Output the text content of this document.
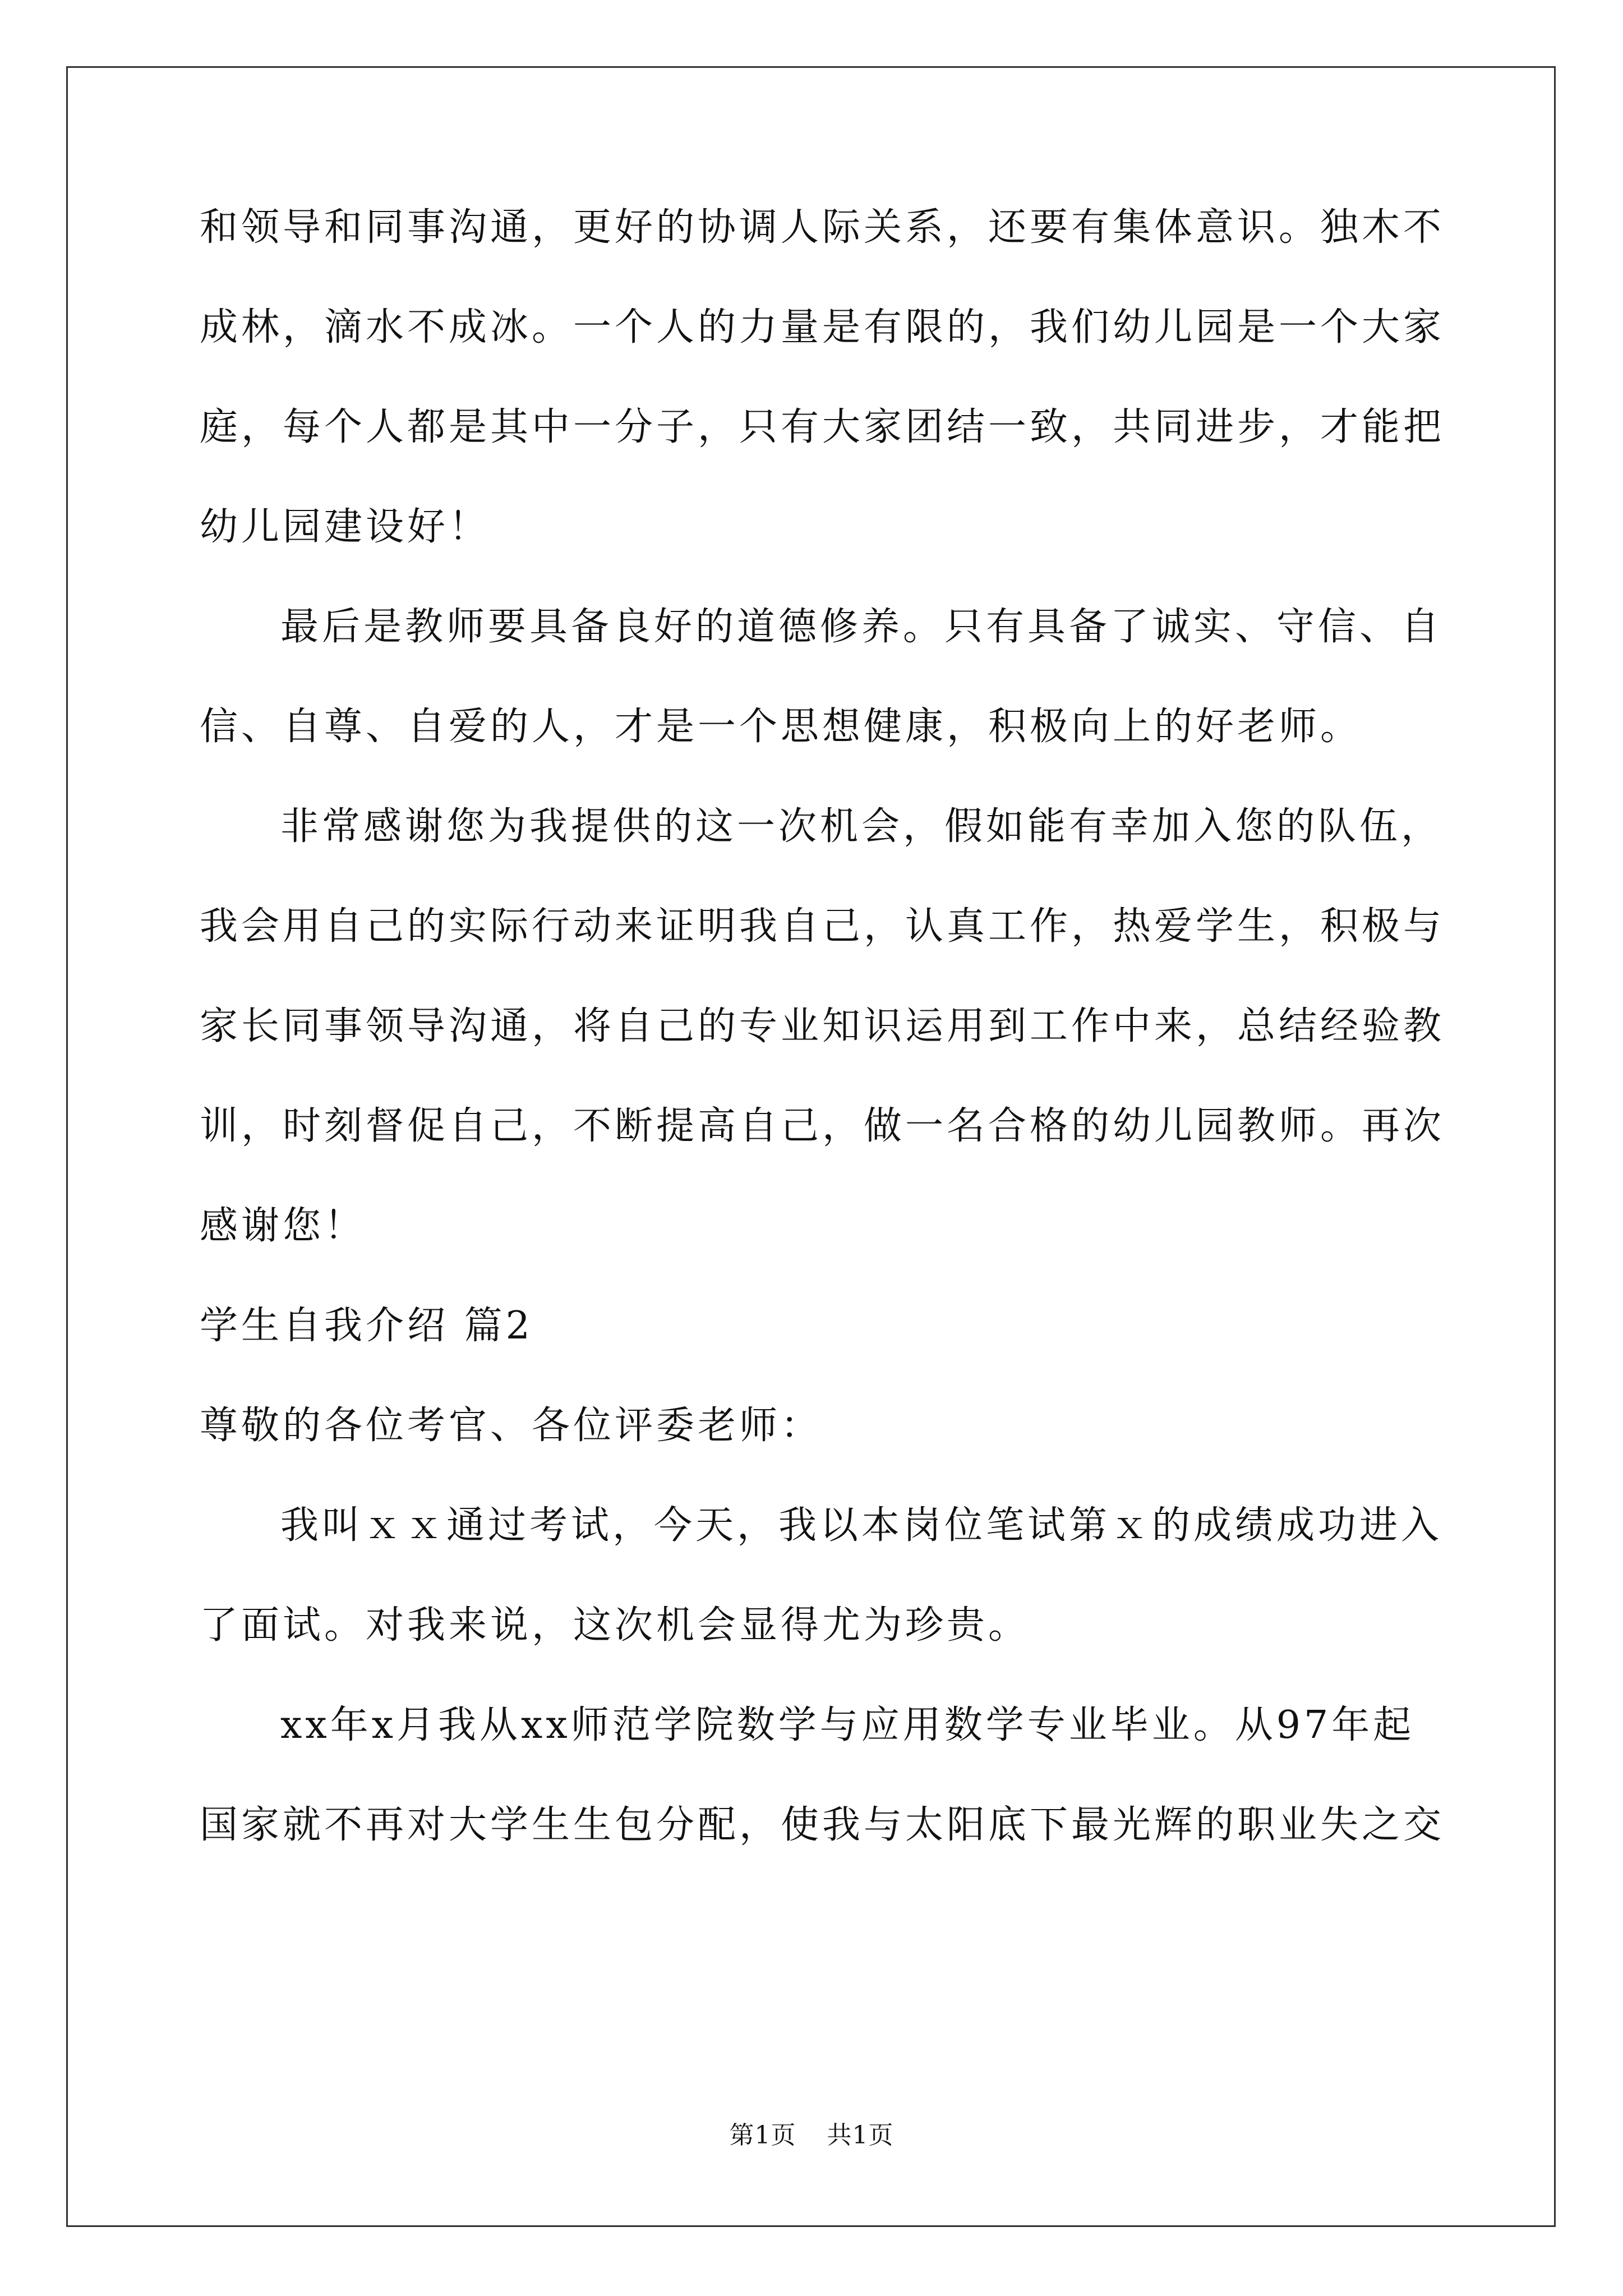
和领导和同事沟通，更好的协调人际关系，还要有集体意识。独木不
成林，滴水不成冰。一个人的力量是有限的，我们幼儿园是一个大家
庭，每个人都是其中一分子，只有大家团结一致，共同进步，才能把
幼儿园建设好！
最后是教师要具备良好的道德修养。只有具备了诚实、守信、自
信、自尊、自爱的人，才是一个思想健康，积极向上的好老师。
非常感谢您为我提供的这一次机会，假如能有幸加入您的队伍，
我会用自己的实际行动来证明我自己，认真工作，热爱学生，积极与
家长同事领导沟通，将自己的专业知识运用到工作中来，总结经验教
训，时刻督促自己，不断提高自己，做一名合格的幼儿园教师。再次
感谢您！
学生自我介绍 篇2
尊敬的各位考官、各位评委老师：
我叫ｘｘ通过考试，今天，我以本岗位笔试第ｘ的成绩成功进入
了面试。对我来说，这次机会显得尤为珍贵。
xx年x月我从xx师范学院数学与应用数学专业毕业。从97年起
国家就不再对大学生生包分配，使我与太阳底下最光辉的职业失之交
第1页 共1页
